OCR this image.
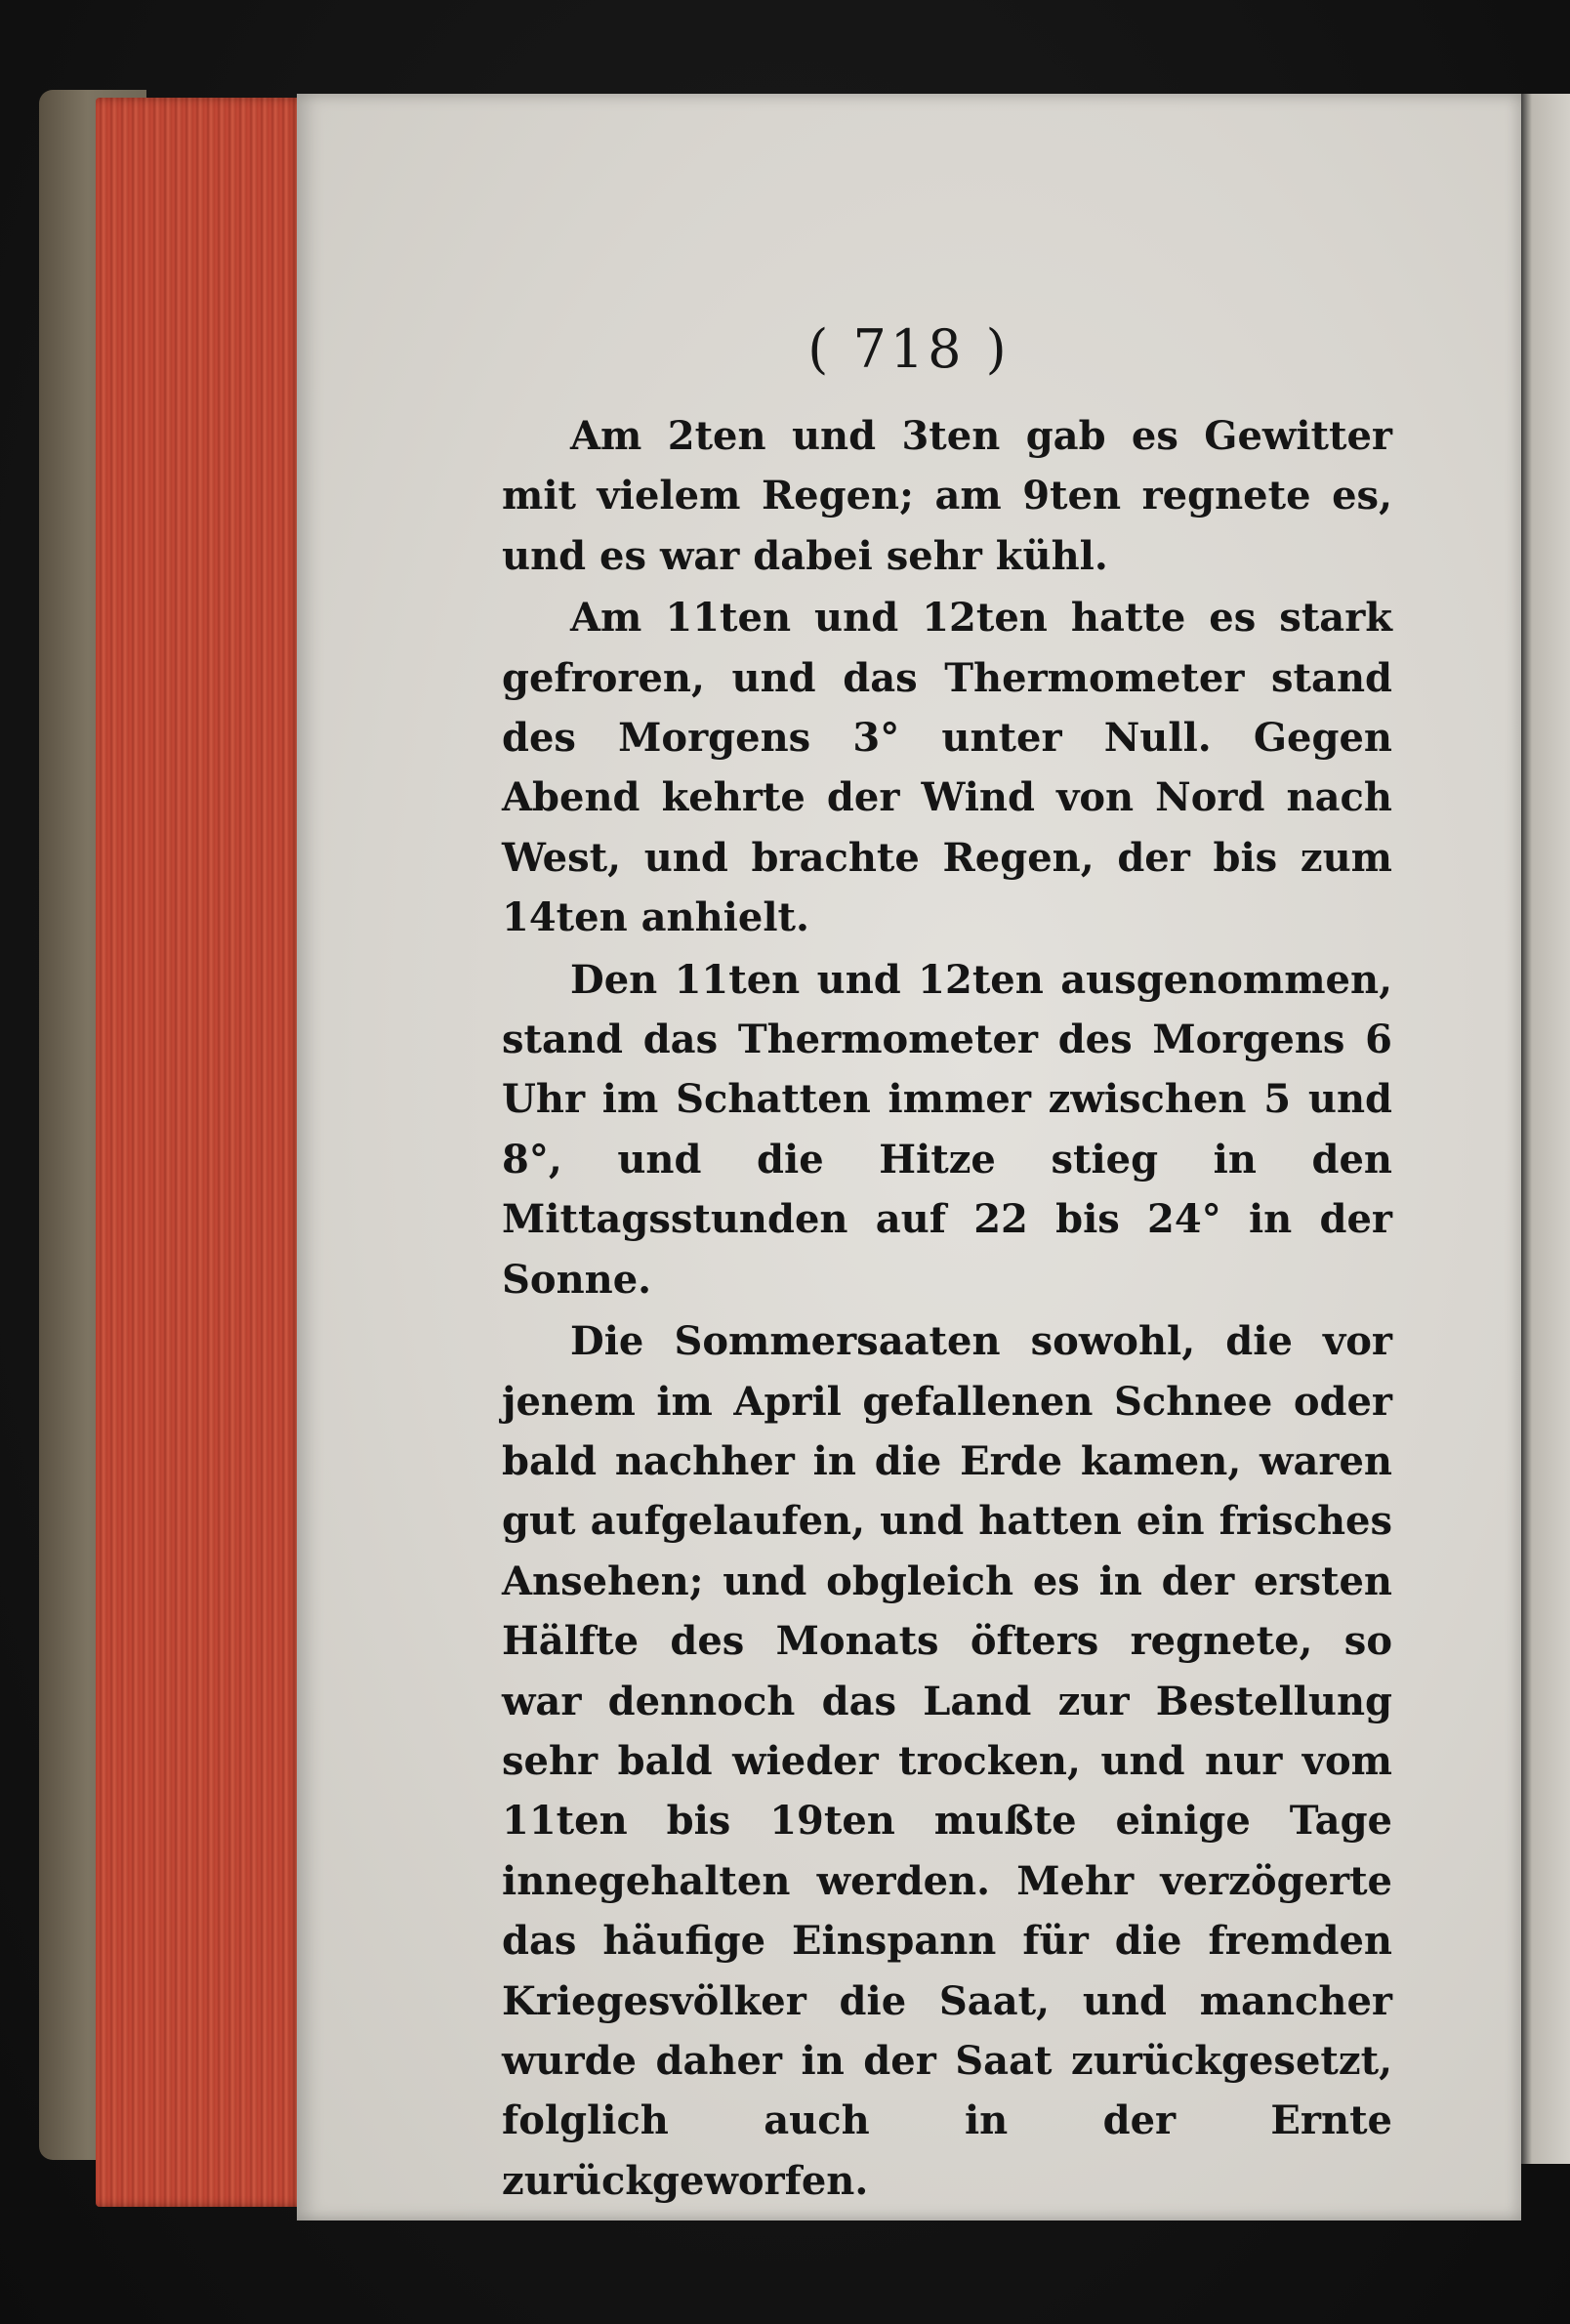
( 718 )

Am 2ten und 3ten gab es Gewitter mit vielem Regen; am 9ten regnete es, und es war dabei sehr kühl.

Am 11ten und 12ten hatte es stark gefroren, und das Thermometer stand des Morgens 3° unter Null. Gegen Abend kehrte der Wind von Nord nach West, und brachte Regen, der bis zum 14ten anhielt.

Den 11ten und 12ten ausgenommen, stand das Thermometer des Morgens 6 Uhr im Schatten immer zwischen 5 und 8°, und die Hitze stieg in den Mittagsstunden auf 22 bis 24° in der Sonne.

Die Sommersaaten sowohl, die vor jenem im April gefallenen Schnee oder bald nachher in die Erde kamen, waren gut aufgelaufen, und hatten ein frisches Ansehen; und obgleich es in der ersten Hälfte des Monats öfters regnete, so war dennoch das Land zur Bestellung sehr bald wieder trocken, und nur vom 11ten bis 19ten mußte einige Tage innegehalten werden. Mehr verzögerte das häufige Einspann für die fremden Kriegesvölker die Saat, und mancher wurde daher in der Saat zurückgesetzt, folglich auch in der Ernte zurückgeworfen.
